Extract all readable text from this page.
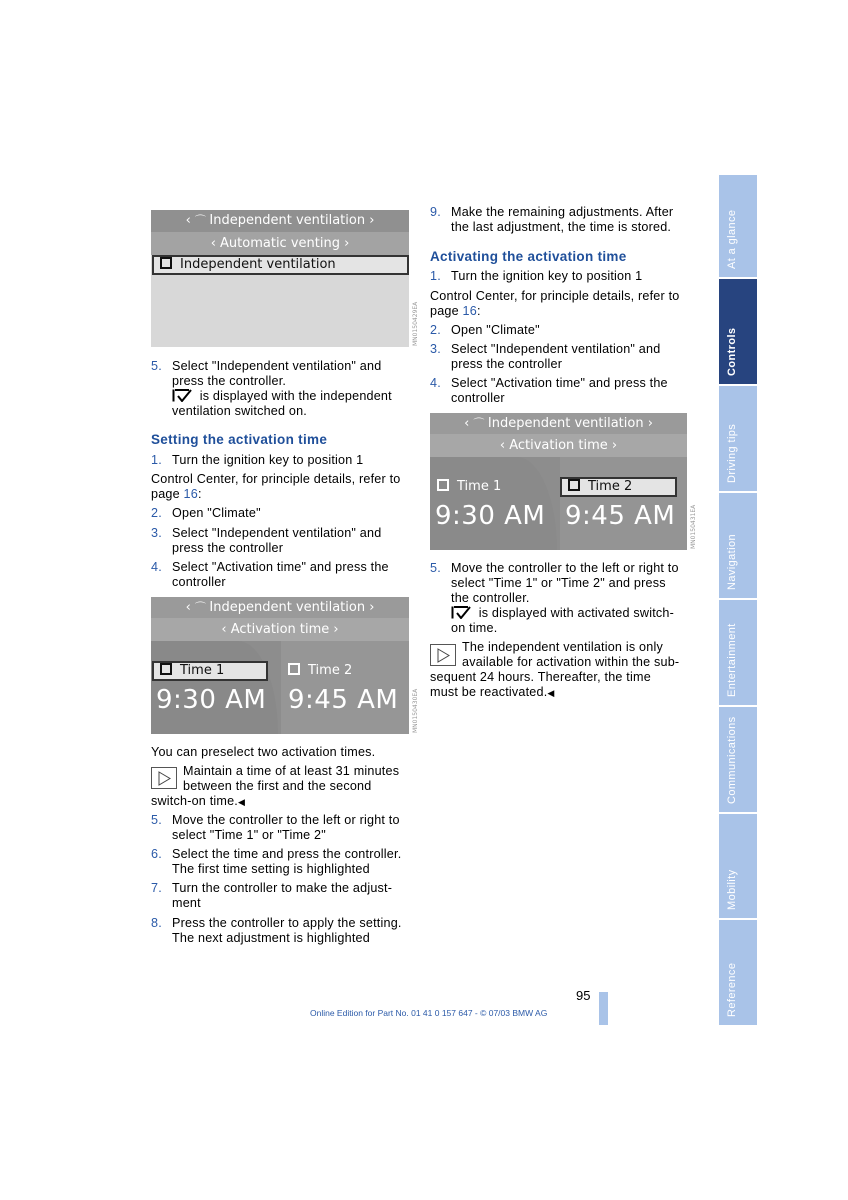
‹ ⌒ Independent ventilation ›
‹ Automatic venting ›
Independent ventilation
MN0150429EA
5. Select "Independent ventilation" and
press the controller.
is displayed with the independent
ventilation switched on.
Setting the activation time
1. Turn the ignition key to position 1
Control Center, for principle details, refer to
page 16:
2. Open "Climate"
3. Select "Independent ventilation" and
press the controller
4. Select "Activation time" and press the
controller
‹ ⌒ Independent ventilation ›
‹ Activation time ›
Time 1
9:30 AM
Time 2
9:45 AM MN0150430EA
You can preselect two activation times.
Maintain a time of at least 31 minutes
between the first and the second
switch-on time.◀
5. Move the controller to the left or right to
select "Time 1" or "Time 2"
6. Select the time and press the controller.
The first time setting is highlighted
7. Turn the controller to make the adjust-
ment
8. Press the controller to apply the setting.
The next adjustment is highlighted
9. Make the remaining adjustments. After
the last adjustment, the time is stored.
Activating the activation time
1. Turn the ignition key to position 1
Control Center, for principle details, refer to
page 16:
2. Open "Climate"
3. Select "Independent ventilation" and
press the controller
4. Select "Activation time" and press the
controller
‹ ⌒ Independent ventilation ›
‹ Activation time ›
Time 1
9:30 AM
Time 2
9:45 AM MN0150431EA
5. Move the controller to the left or right to
select "Time 1" or "Time 2" and press
the controller.
is displayed with activated switch-
on time.
The independent ventilation is only
available for activation within the sub-
sequent 24 hours. Thereafter, the time
must be reactivated.◀
At a glance
Controls
Driving tips
Navigation
Entertainment
Communications
Mobility
Reference
95
Online Edition for Part No. 01 41 0 157 647 - © 07/03 BMW AG
